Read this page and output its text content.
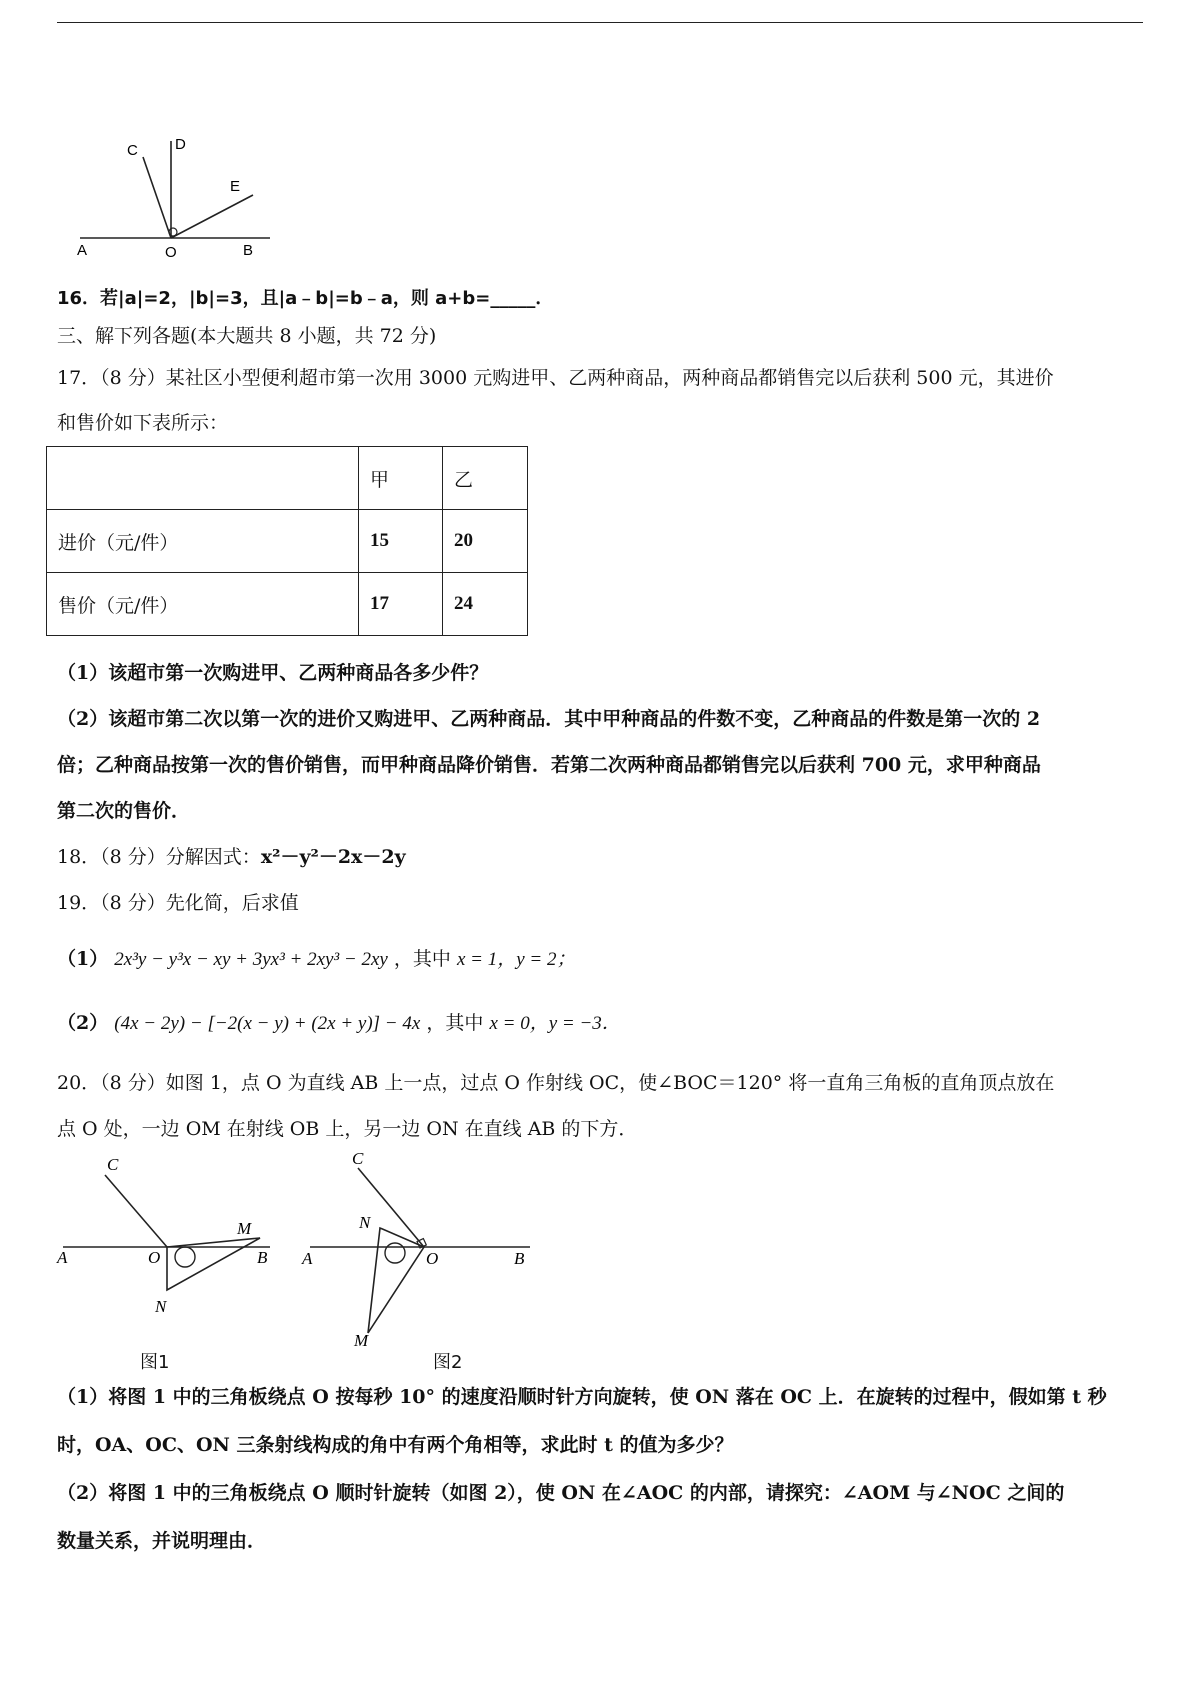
A	O	B
C D
E
16．若|a|=2，|b|=3，且|a﹣b|=b﹣a，则 a+b=_____．
三、解下列各题(本大题共 8 小题，共 72 分)
17．（8 分）某社区小型便利超市第一次用 3000 元购进甲、乙两种商品，两种商品都销售完以后获利 500 元，其进价
和售价如下表所示：
	甲	乙
进价（元/件）	15	20
售价（元/件）	17	24
（1）该超市第一次购进甲、乙两种商品各多少件？
（2）该超市第二次以第一次的进价又购进甲、乙两种商品．其中甲种商品的件数不变，乙种商品的件数是第一次的 2
倍；乙种商品按第一次的售价销售，而甲种商品降价销售．若第二次两种商品都销售完以后获利 700 元，求甲种商品
第二次的售价．
18．（8 分）分解因式：x²－y²－2x－2y
19．（8 分）先化简，后求值
（1） 2x³y − y³x − xy + 3yx³ + 2xy³ − 2xy ，其中 x = 1，y = 2；
（2） (4x − 2y) − [−2(x − y) + (2x + y)] − 4x ，其中 x = 0，y = −3．
20．（8 分）如图 1，点 O 为直线 AB 上一点，过点 O 作射线 OC，使∠BOC＝120° 将一直角三角板的直角顶点放在
点 O 处，一边 OM 在射线 OB 上，另一边 ON 在直线 AB 的下方．
A	O	B
C
M
N
图1
A	O	B
C
N
M
图2
（1）将图 1 中的三角板绕点 O 按每秒 10° 的速度沿顺时针方向旋转，使 ON 落在 OC 上．在旋转的过程中，假如第 t 秒
时，OA、OC、ON 三条射线构成的角中有两个角相等，求此时 t 的值为多少？
（2）将图 1 中的三角板绕点 O 顺时针旋转（如图 2），使 ON 在∠AOC 的内部，请探究：∠AOM 与∠NOC 之间的
数量关系，并说明理由．
